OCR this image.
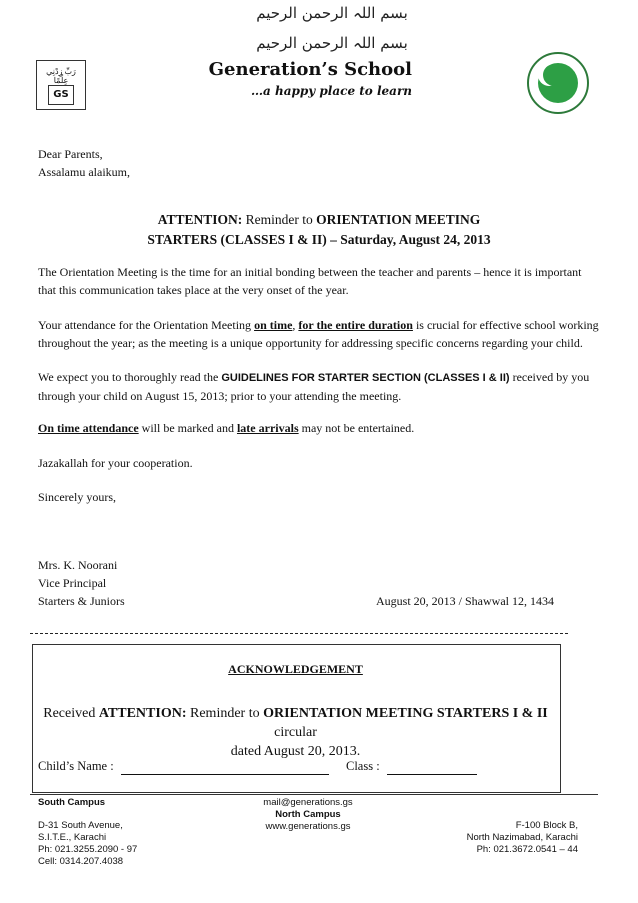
بسم اللہ الرحمن الرحیم
بسم اللہ الرحمن الرحیم
رَبِّ زِدْنِي عِلْمًا
GS
Generation’s School
…a happy place to learn
Dear Parents,
Assalamu alaikum,
ATTENTION: Reminder to ORIENTATION MEETING
STARTERS (CLASSES I & II) – Saturday, August 24, 2013
The Orientation Meeting is the time for an initial bonding between the teacher and parents – hence it is important that this communication takes place at the very onset of the year.
Your attendance for the Orientation Meeting on time, for the entire duration is crucial for effective school working throughout the year; as the meeting is a unique opportunity for addressing specific concerns regarding your child.
We expect you to thoroughly read the GUIDELINES FOR STARTER SECTION (CLASSES I & II) received by you through your child on August 15, 2013; prior to your attending the meeting.
On time attendance will be marked and late arrivals may not be entertained.
Jazakallah for your cooperation.
Sincerely yours,
Mrs. K. Noorani
Vice Principal
Starters & Juniors	August 20, 2013 / Shawwal 12, 1434
ACKNOWLEDGEMENT
Received ATTENTION: Reminder to ORIENTATION MEETING STARTERS I & II circular
dated August 20, 2013.
Child’s Name :	Class :
South Campus
D-31 South Avenue,
S.I.T.E., Karachi
Ph: 021.3255.2090 - 97
Cell: 0314.207.4038
mail@generations.gs
North Campus
www.generations.gs	F-100 Block B,
North Nazimabad, Karachi
Ph: 021.3672.0541 – 44
